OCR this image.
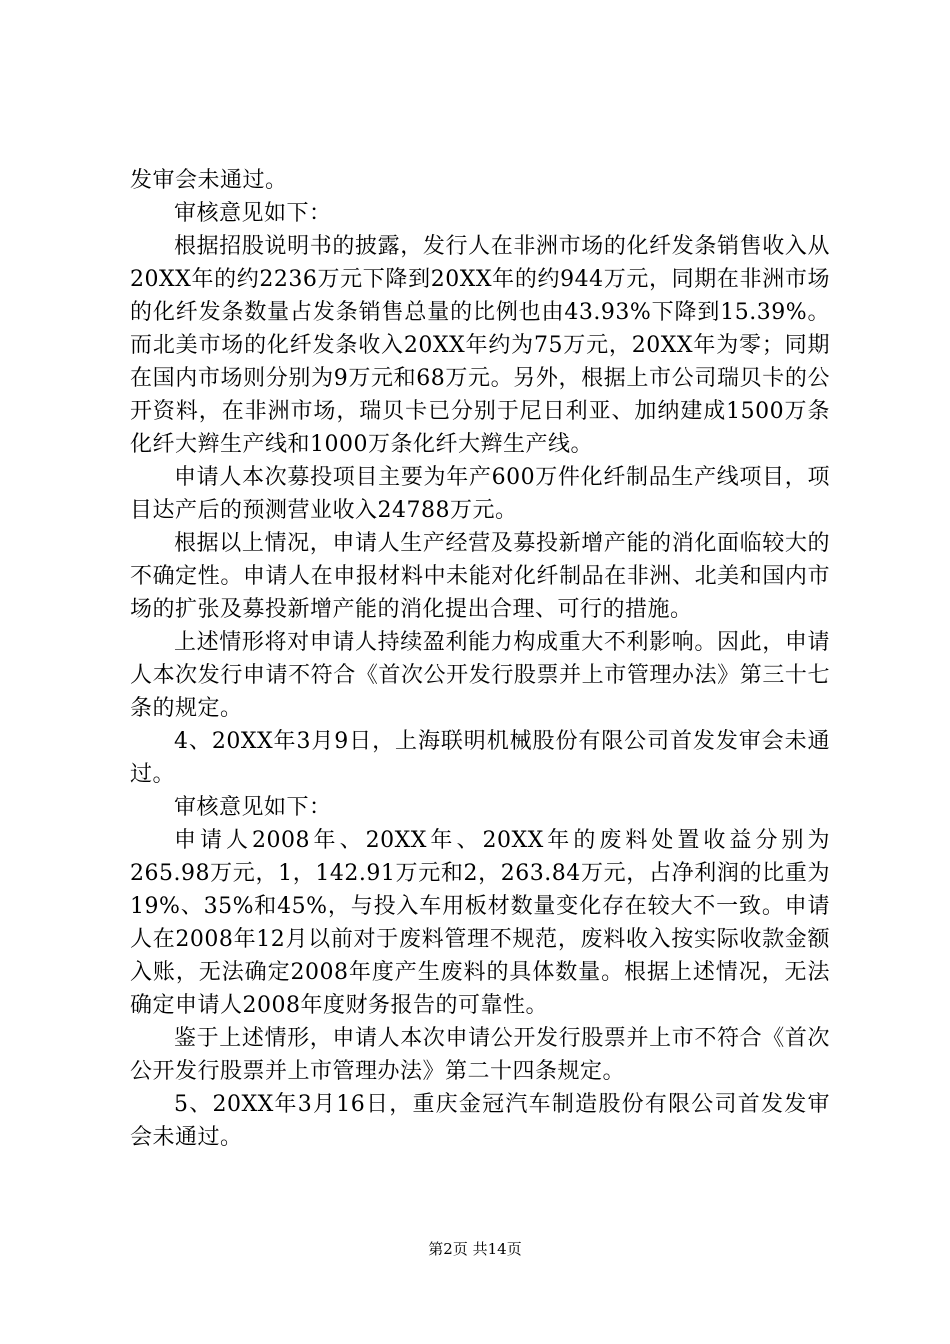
发审会未通过。

审核意见如下：

根据招股说明书的披露，发行人在非洲市场的化纤发条销售收入从20XX年的约2236万元下降到20XX年的约944万元，同期在非洲市场的化纤发条数量占发条销售总量的比例也由43.93%下降到15.39%。而北美市场的化纤发条收入20XX年约为75万元，20XX年为零；同期在国内市场则分别为9万元和68万元。另外，根据上市公司瑞贝卡的公开资料，在非洲市场，瑞贝卡已分别于尼日利亚、加纳建成1500万条化纤大辫生产线和1000万条化纤大辫生产线。

申请人本次募投项目主要为年产600万件化纤制品生产线项目，项目达产后的预测营业收入24788万元。

根据以上情况，申请人生产经营及募投新增产能的消化面临较大的不确定性。申请人在申报材料中未能对化纤制品在非洲、北美和国内市场的扩张及募投新增产能的消化提出合理、可行的措施。

上述情形将对申请人持续盈利能力构成重大不利影响。因此，申请人本次发行申请不符合《首次公开发行股票并上市管理办法》第三十七条的规定。

4、20XX年3月9日，上海联明机械股份有限公司首发发审会未通过。

审核意见如下：

申请人2008年、20XX年、20XX年的废料处置收益分别为265.98万元，1，142.91万元和2，263.84万元，占净利润的比重为19%、35%和45%，与投入车用板材数量变化存在较大不一致。申请人在2008年12月以前对于废料管理不规范，废料收入按实际收款金额入账，无法确定2008年度产生废料的具体数量。根据上述情况，无法确定申请人2008年度财务报告的可靠性。

鉴于上述情形，申请人本次申请公开发行股票并上市不符合《首次公开发行股票并上市管理办法》第二十四条规定。

5、20XX年3月16日，重庆金冠汽车制造股份有限公司首发发审会未通过。

第2页 共14页
